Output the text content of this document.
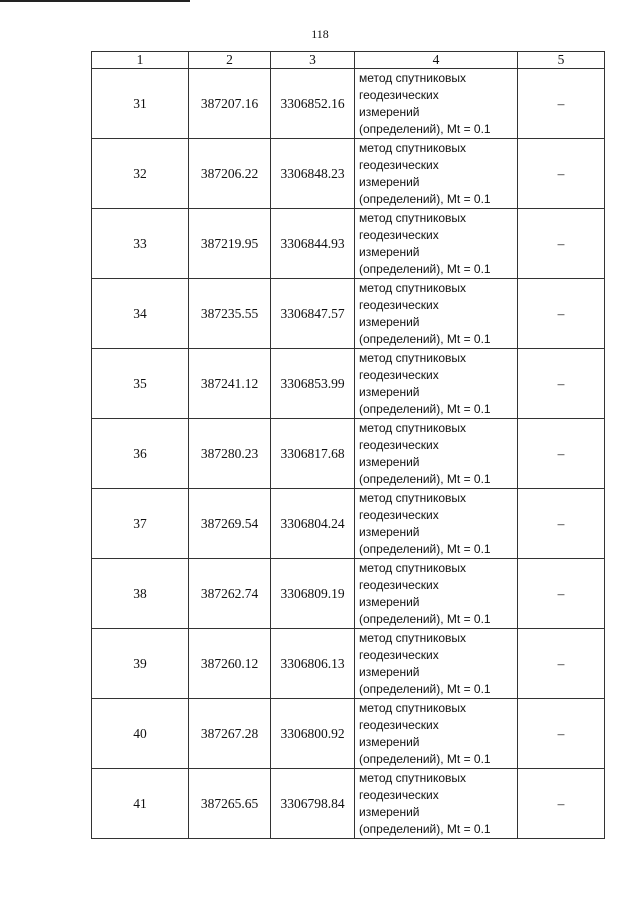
118
1	2	3	4	5
31	387207.16	3306852.16	метод спутниковых
геодезических
измерений
(определений), Mt = 0.1	–
32	387206.22	3306848.23	метод спутниковых
геодезических
измерений
(определений), Mt = 0.1	–
33	387219.95	3306844.93	метод спутниковых
геодезических
измерений
(определений), Mt = 0.1	–
34	387235.55	3306847.57	метод спутниковых
геодезических
измерений
(определений), Mt = 0.1	–
35	387241.12	3306853.99	метод спутниковых
геодезических
измерений
(определений), Mt = 0.1	–
36	387280.23	3306817.68	метод спутниковых
геодезических
измерений
(определений), Mt = 0.1	–
37	387269.54	3306804.24	метод спутниковых
геодезических
измерений
(определений), Mt = 0.1	–
38	387262.74	3306809.19	метод спутниковых
геодезических
измерений
(определений), Mt = 0.1	–
39	387260.12	3306806.13	метод спутниковых
геодезических
измерений
(определений), Mt = 0.1	–
40	387267.28	3306800.92	метод спутниковых
геодезических
измерений
(определений), Mt = 0.1	–
41	387265.65	3306798.84	метод спутниковых
геодезических
измерений
(определений), Mt = 0.1	–
